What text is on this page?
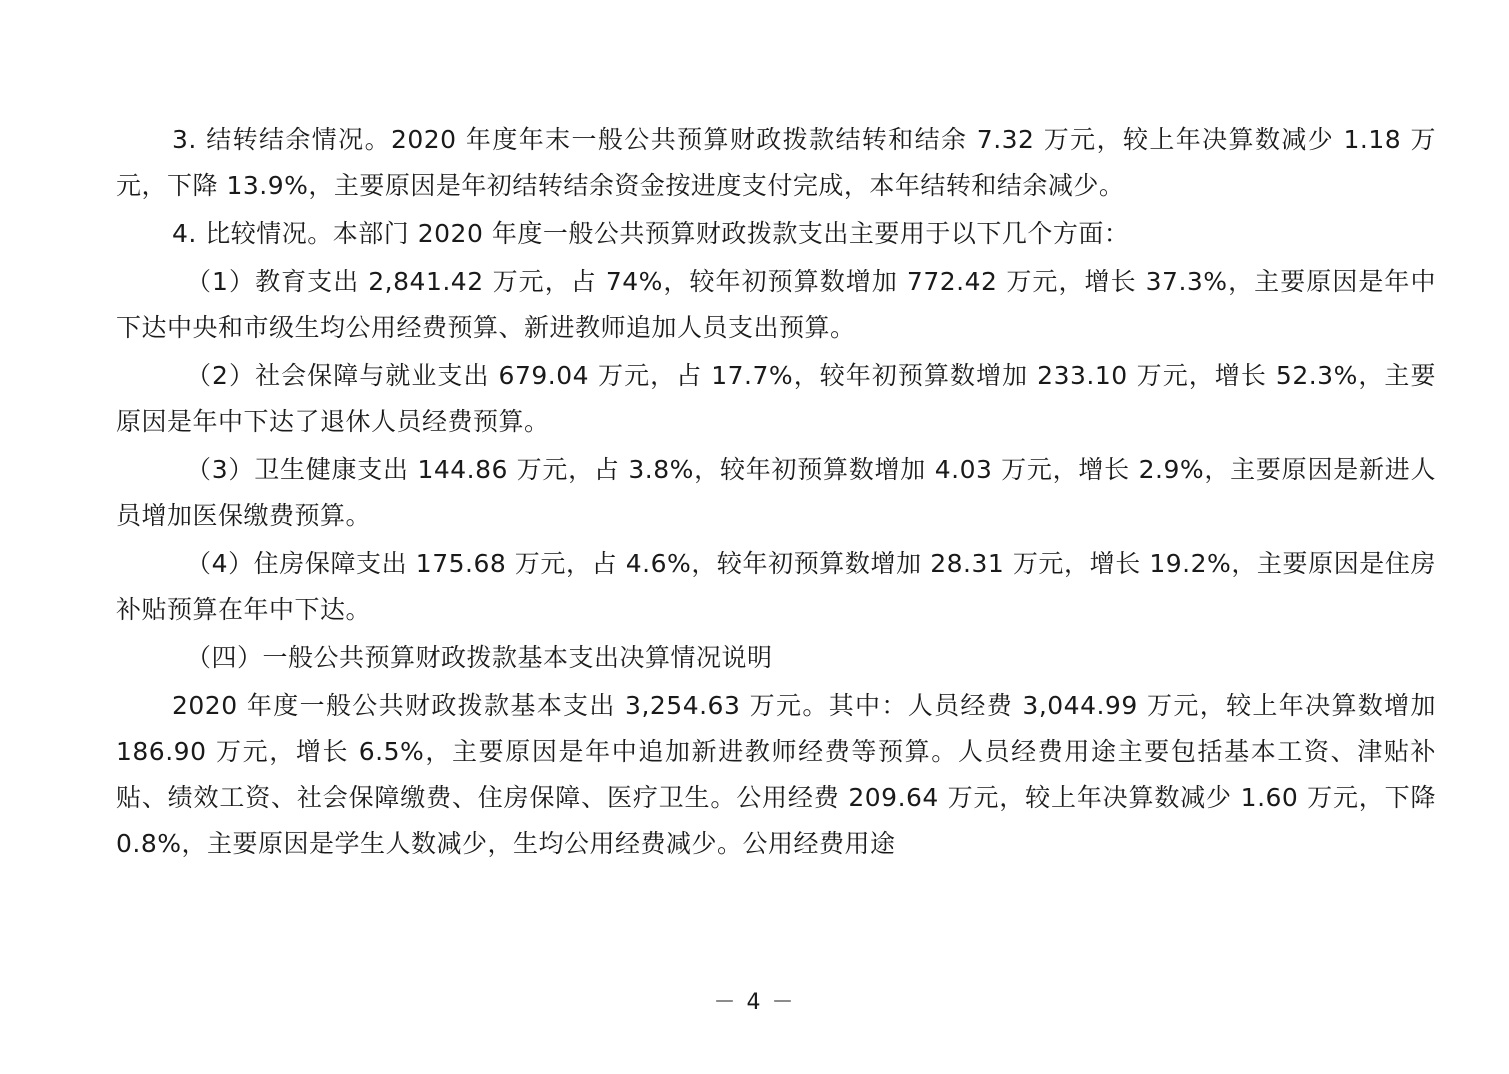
3. 结转结余情况。2020 年度年末一般公共预算财政拨款结转和结余 7.32 万元，较上年决算数减少 1.18 万元，下降 13.9%，主要原因是年初结转结余资金按进度支付完成，本年结转和结余减少。

4. 比较情况。本部门 2020 年度一般公共预算财政拨款支出主要用于以下几个方面：

（1）教育支出 2,841.42 万元，占 74%，较年初预算数增加 772.42 万元，增长 37.3%，主要原因是年中下达中央和市级生均公用经费预算、新进教师追加人员支出预算。

（2）社会保障与就业支出 679.04 万元，占 17.7%，较年初预算数增加 233.10 万元，增长 52.3%，主要原因是年中下达了退休人员经费预算。

（3）卫生健康支出 144.86 万元，占 3.8%，较年初预算数增加 4.03 万元，增长 2.9%，主要原因是新进人员增加医保缴费预算。

（4）住房保障支出 175.68 万元，占 4.6%，较年初预算数增加 28.31 万元，增长 19.2%，主要原因是住房补贴预算在年中下达。

（四）一般公共预算财政拨款基本支出决算情况说明

2020 年度一般公共财政拨款基本支出 3,254.63 万元。其中：人员经费 3,044.99 万元，较上年决算数增加 186.90 万元，增长 6.5%，主要原因是年中追加新进教师经费等预算。人员经费用途主要包括基本工资、津贴补贴、绩效工资、社会保障缴费、住房保障、医疗卫生。公用经费 209.64 万元，较上年决算数减少 1.60 万元，下降 0.8%，主要原因是学生人数减少，生均公用经费减少。公用经费用途

－ 4 －
